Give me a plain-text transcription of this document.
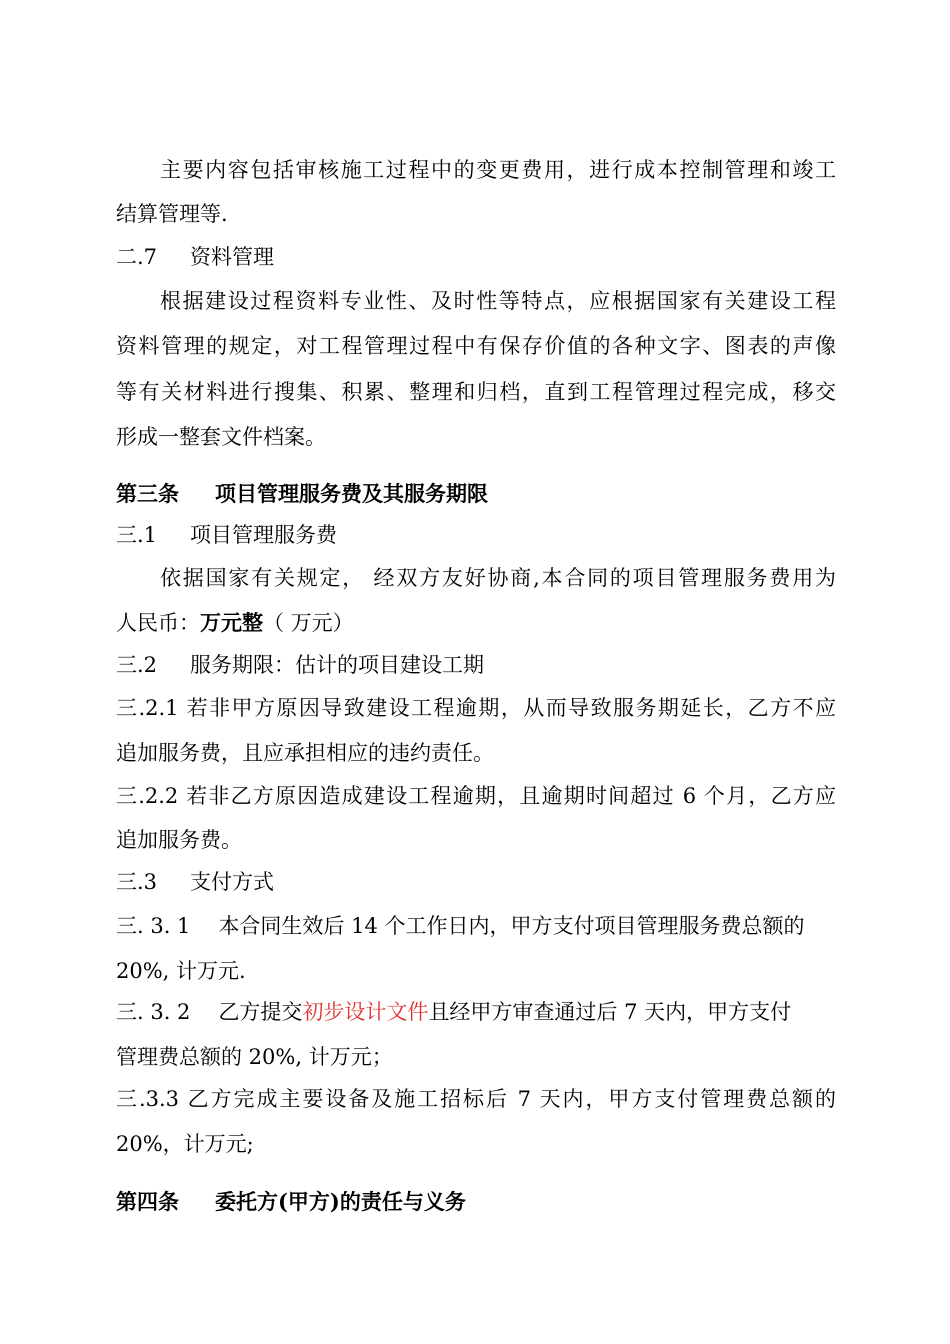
主要内容包括审核施工过程中的变更费用，进行成本控制管理和竣工
结算管理等.
二.7 资料管理
根据建设过程资料专业性、及时性等特点，应根据国家有关建设工程
资料管理的规定，对工程管理过程中有保存价值的各种文字、图表的声像
等有关材料进行搜集、积累、整理和归档，直到工程管理过程完成，移交
形成一整套文件档案。
第三条 项目管理服务费及其服务期限
三.1 项目管理服务费
依据国家有关规定， 经双方友好协商,本合同的项目管理服务费用为
人民币：万元整（ 万元）
三.2 服务期限：估计的项目建设工期
三.2.1 若非甲方原因导致建设工程逾期，从而导致服务期延长，乙方不应
追加服务费，且应承担相应的违约责任。
三.2.2 若非乙方原因造成建设工程逾期，且逾期时间超过 6 个月，乙方应
追加服务费。
三.3 支付方式
三. 3. 1 本合同生效后 14 个工作日内，甲方支付项目管理服务费总额的
20%, 计万元.
三. 3. 2 乙方提交初步设计文件且经甲方审查通过后 7 天内，甲方支付
管理费总额的 20%, 计万元；
三.3.3 乙方完成主要设备及施工招标后 7 天内，甲方支付管理费总额的
20%，计万元;
第四条 委托方(甲方)的责任与义务
